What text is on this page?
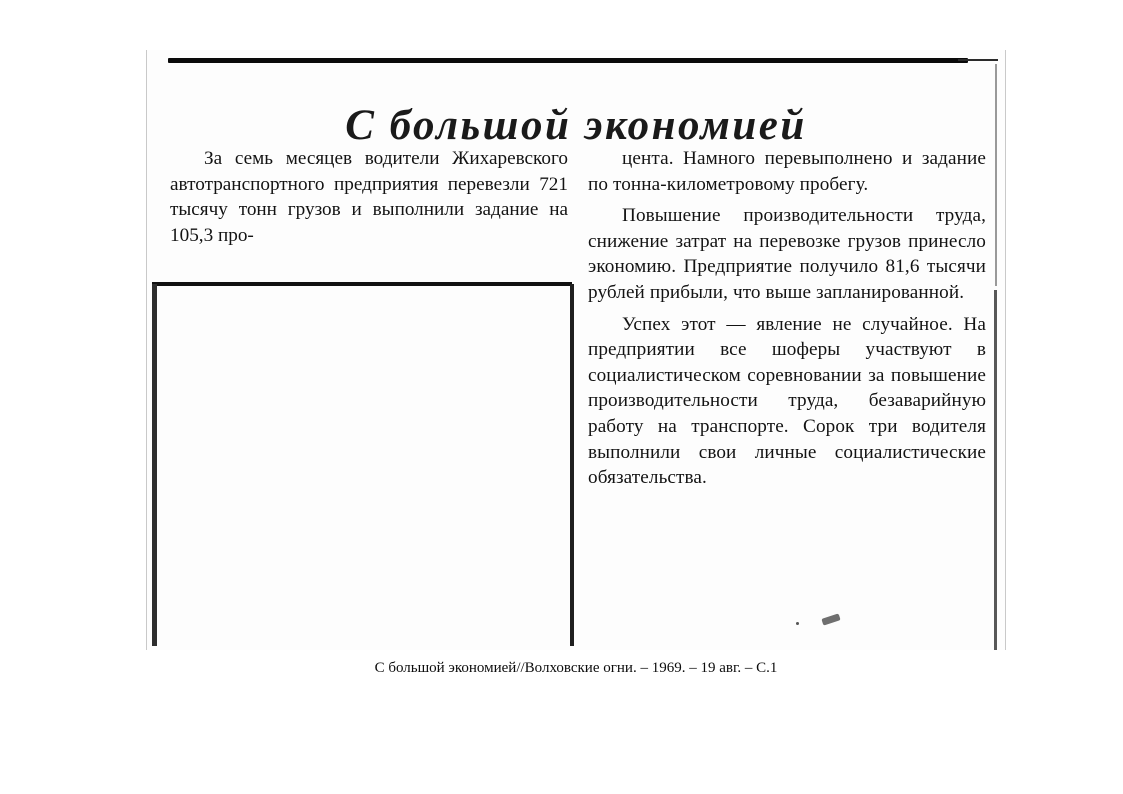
С большой экономией

За семь месяцев водители Жихаревского автотранспортного предприятия перевезли 721 тысячу тонн грузов и выполнили задание на 105,3 про-

цента. Намного перевыполнено и задание по тонна-километровому пробегу.

Повышение производительности труда, снижение затрат на перевозке грузов принесло экономию. Предприятие получило 81,6 тысячи рублей прибыли, что выше запланированной.

Успех этот — явление не случайное. На предприятии все шоферы участвуют в социалистическом соревновании за повышение производительности труда, безаварийную работу на транспорте. Сорок три водителя выполнили свои личные социалистические обязательства.

С большой экономией//Волховские огни. – 1969. – 19 авг. – С.1
